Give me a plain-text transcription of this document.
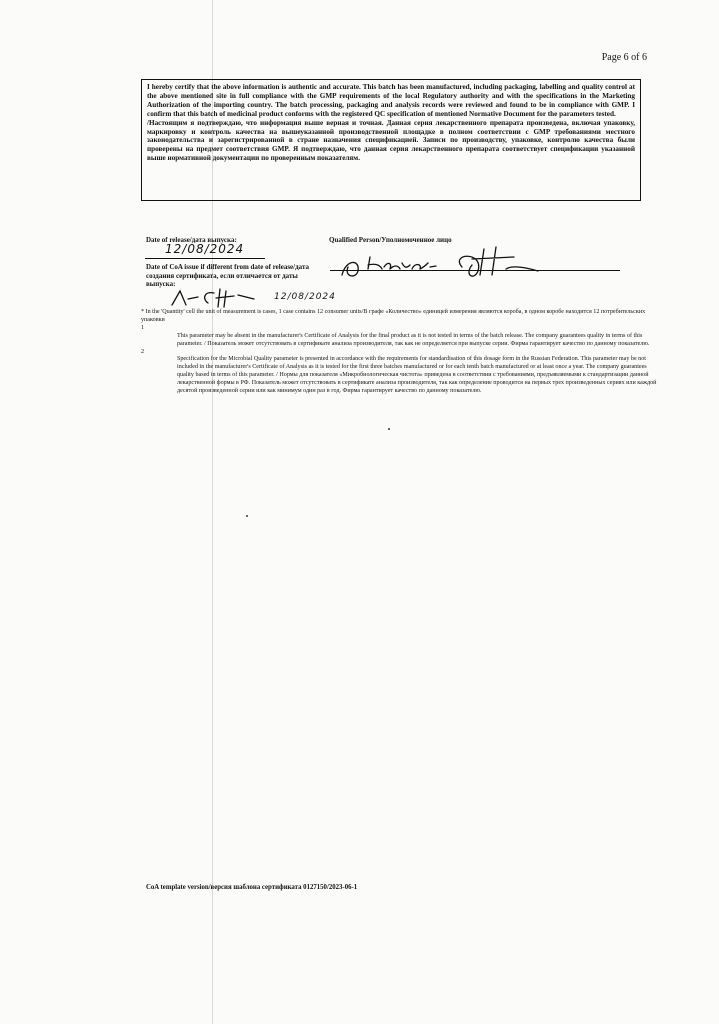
Page 6 of 6

I hereby certify that the above information is authentic and accurate. This batch has been manufactured, including packaging, labelling and quality control at the above mentioned site in full compliance with the GMP requirements of the local Regulatory authority and with the specifications in the Marketing Authorization of the importing country. The batch processing, packaging and analysis records were reviewed and found to be in compliance with GMP. I confirm that this batch of medicinal product conforms with the registered QC specification of mentioned Normative Document for the parameters tested.

/Настоящим я подтверждаю, что информация выше верная и точная. Данная серия лекарственного препарата произведена, включая упаковку, маркировку и контроль качества на вышеуказанной производственной площадке в полном соответствии с GMP требованиями местного законодательства и зарегистрированной в стране назначения спецификацией. Записи по производству, упаковке, контролю качества были проверены на предмет соответствия GMP. Я подтверждаю, что данная серия лекарственного препарата соответствует спецификации указанной выше нормативной документации по проверенным показателям.

Date of release/дата выпуска:
12/08/2024
Date of CoA issue if different from date of release/дата создания сертификата, если отличается от даты выпуска:
12/08/2024
Qualified Person/Уполномоченное лицо

* In the 'Quantity' cell the unit of measurement is cases, 1 case contains 12 consumer units/В графе «Количество» единицей измерения являются короба, в одном коробе находится 12 потребительских упаковки

1

This parameter may be absent in the manufacturer's Certificate of Analysis for the final product as it is not tested in terms of the batch release. The company guarantees quality in terms of this parameter. / Показатель может отсутствовать в сертификате анализа производителя, так как не определяется при выпуске серии. Фирма гарантирует качество по данному показателю.

2

Specification for the Microbial Quality parameter is presented in accordance with the requirements for standardisation of this dosage form in the Russian Federation. This parameter may be not included in the manufacturer's Certificate of Analysis as it is tested for the first three batches manufactured or for each tenth batch manufactured or at least once a year. The company guarantees quality based in terms of this parameter. / Нормы для показателя «Микробиологическая чистота» приведена в соответствии с требованиями, предъявляемыми к стандартизации данной лекарственной формы в РФ. Показатель может отсутствовать в сертификате анализа производителя, так как определение проводится на первых трех произведенных сериях или каждой десятой произведенной серии или как минимум один раз в год. Фирма гарантирует качество по данному показателю.

CoA template version/версия шаблона сертификата 0127150/2023-06-1
